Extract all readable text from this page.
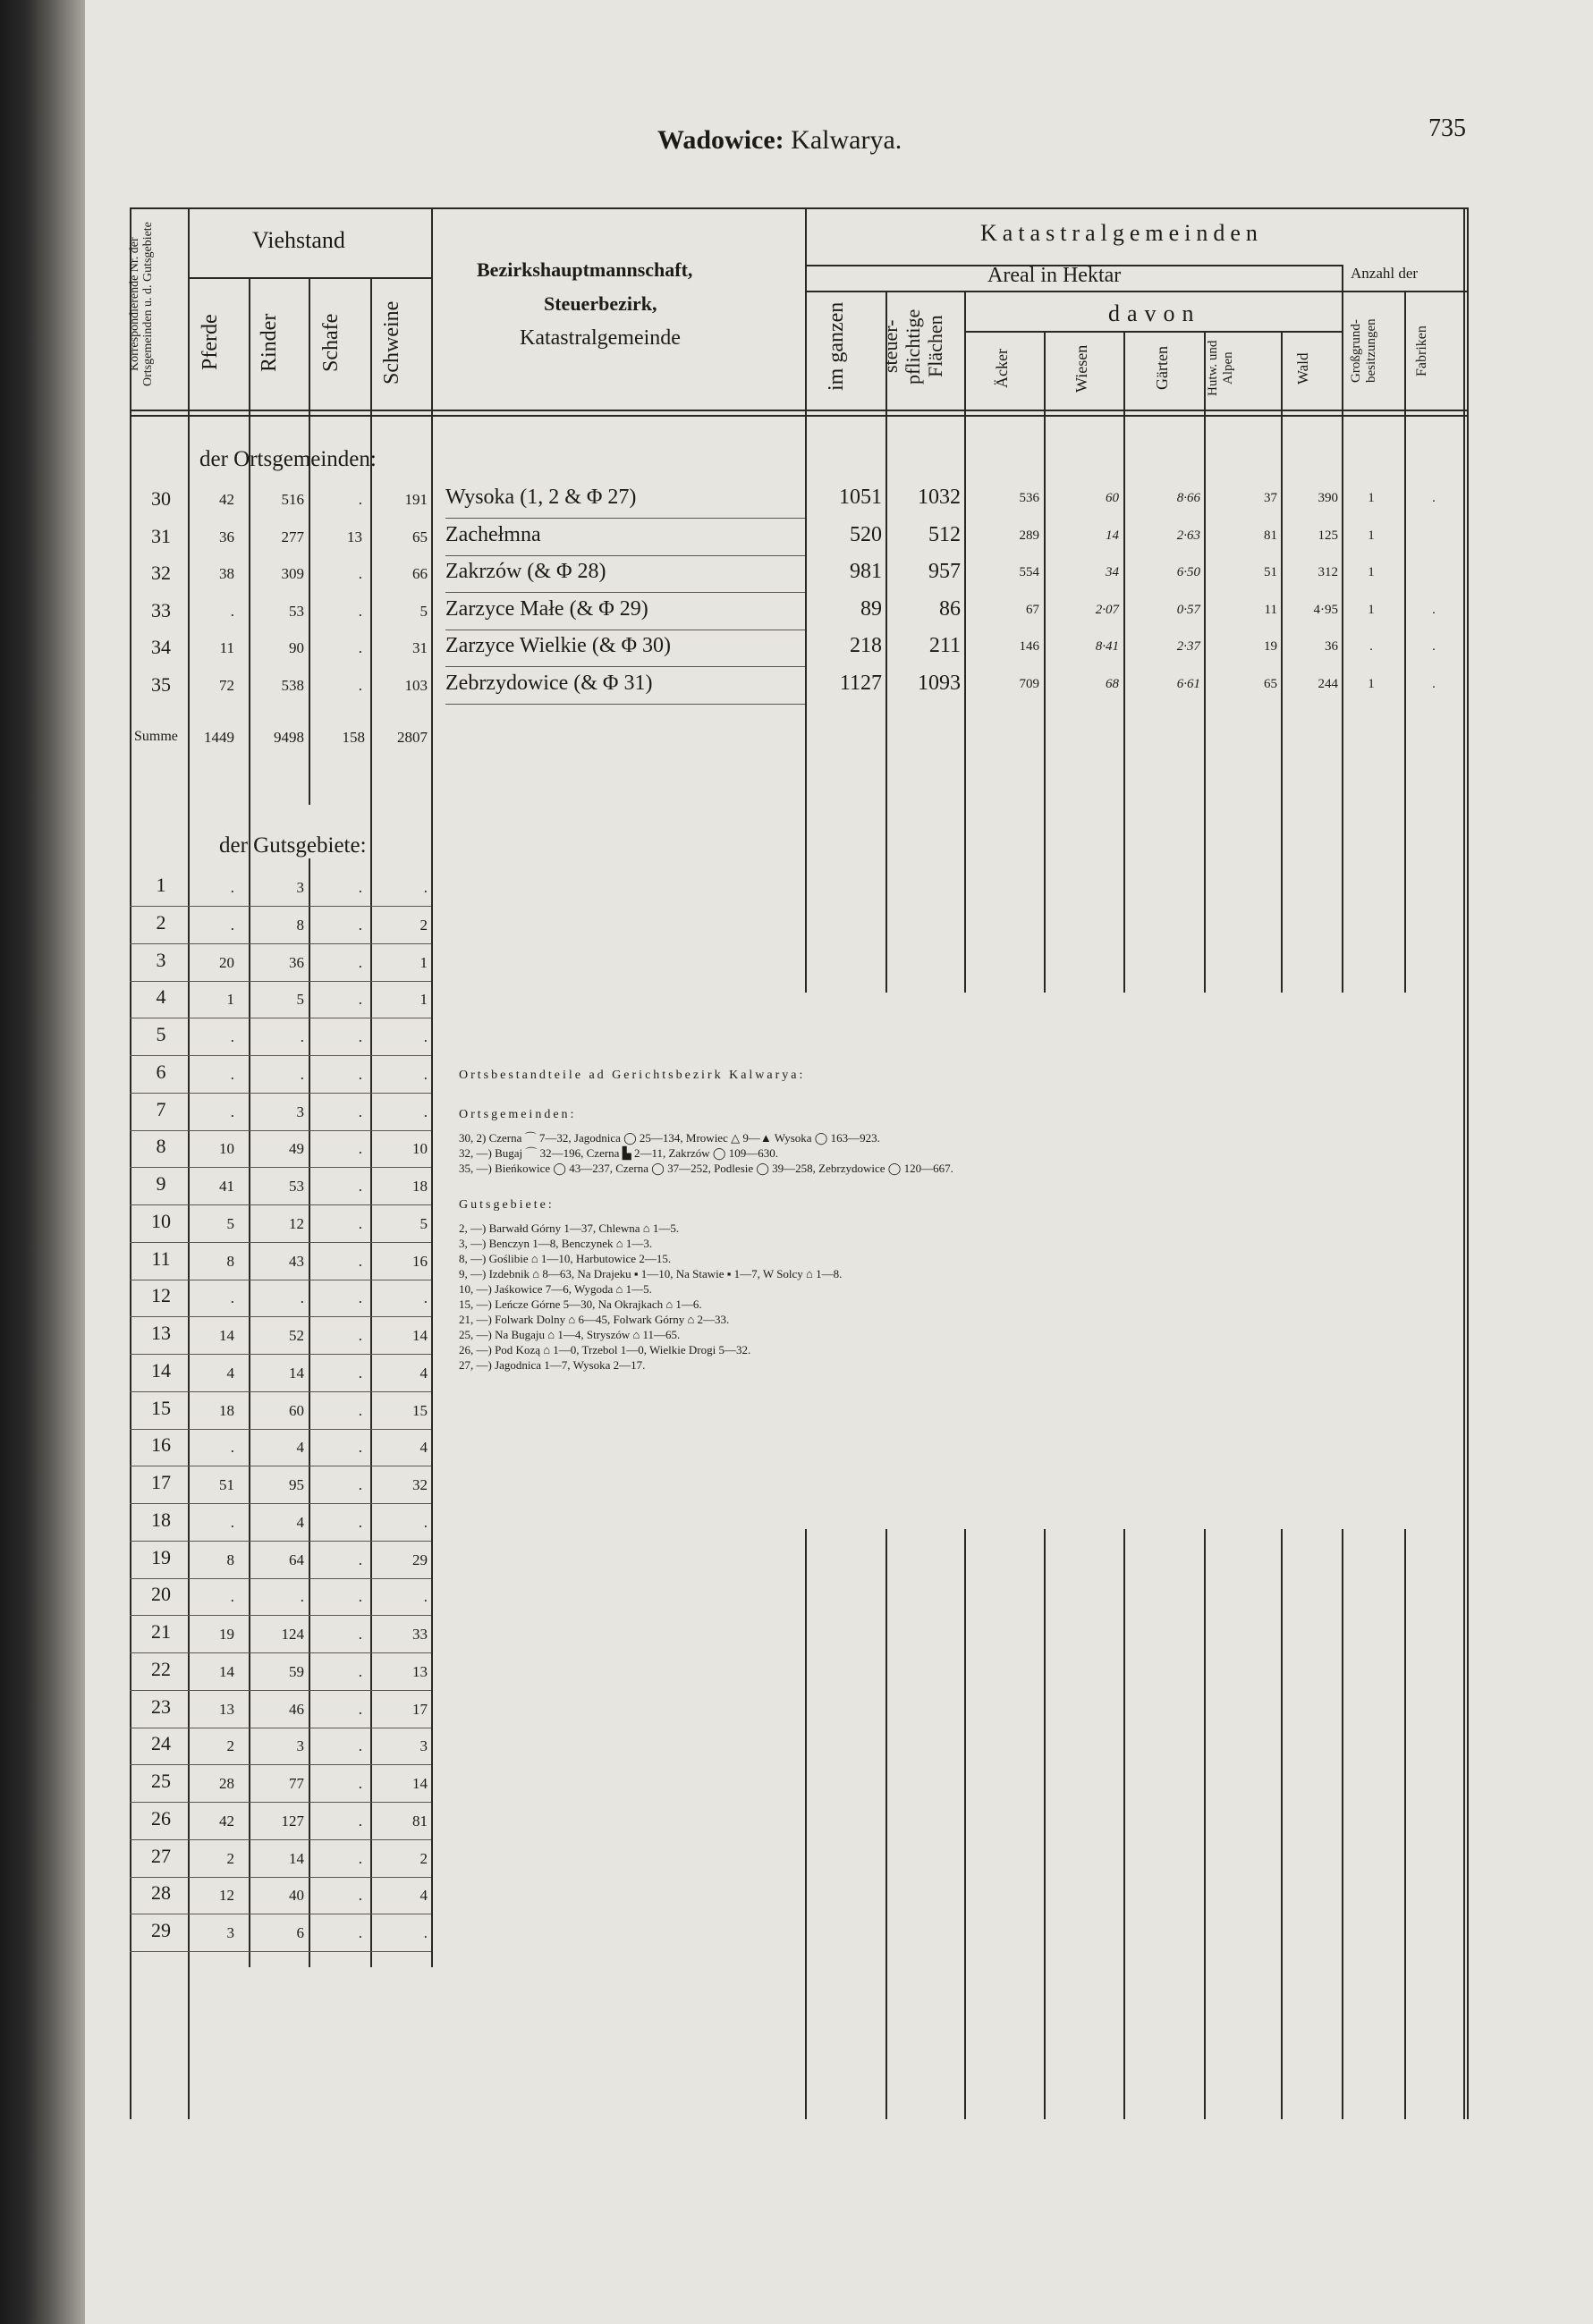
Wadowice: Kalwarya.	735
Korrespondierende Nr. der Ortsgemeinden u. d. Gutsgebiete	Viehstand
Pferde	Rinder	Schafe	Schweine
Bezirkshauptmannschaft,
Steuerbezirk,
Katastralgemeinde
Katastralgemeinden
Areal in Hektar	Anzahl der
davon
im ganzen	steuer- pflichtige Flächen	Äcker	Wiesen	Gärten	Hutw. und Alpen	Wald	Großgrund- besitzungen	Fabriken
der Ortsgemeinden:
der Gutsgebiete:
30	42	516	.	191 Wysoka (1, 2 & Φ 27)	1051	1032	536	60	8·66	37	390	1	.
31	36	277	13	65 Zachełmna	520	512	289	14	2·63	81	125	1
32	38	309	.	66 Zakrzów (& Φ 28)	981	957	554	34	6·50	51	312	1
33	.	53	.	5 Zarzyce Małe (& Φ 29)	89	86	67	2·07	0·57	11	4·95	1	.
34	11	90	.	31 Zarzyce Wielkie (& Φ 30)	218	211	146	8·41	2·37	19	36	.	.
35	72	538	.	103 Zebrzydowice (& Φ 31)	1127	1093	709	68	6·61	65	244	1	.
Summe	1449	9498	158	2807
1	.	3	.	.
2	.	8	.	2
3	20	36	.	1
4	1	5	.	1
5	.	.	.	.
6	.	.	.	.
7	.	3	.	.
8	10	49	.	10
9	41	53	.	18
10	5	12	.	5
11	8	43	.	16
12	.	.	.	.
13	14	52	.	14
14	4	14	.	4
15	18	60	.	15
16	.	4	.	4
17	51	95	.	32
18	.	4	.	.
19	8	64	.	29
20	.	.	.	.
21	19	124	.	33
22	14	59	.	13
23	13	46	.	17
24	2	3	.	3
25	28	77	.	14
26	42	127	.	81
27	2	14	.	2
28	12	40	.	4
29	3	6	.	.
Ortsbestandteile ad Gerichtsbezirk Kalwarya:
Ortsgemeinden:
30, 2) Czerna ⌒ 7—32, Jagodnica ◯ 25—134, Mrowiec △ 9—▲ Wysoka ◯ 163—923.
32, —) Bugaj ⌒ 32—196, Czerna ▙ 2—11, Zakrzów ◯ 109—630.
35, —) Bieńkowice ◯ 43—237, Czerna ◯ 37—252, Podlesie ◯ 39—258, Zebrzydowice ◯ 120—667.
Gutsgebiete:
2, —) Barwałd Górny 1—37, Chlewna ⌂ 1—5.
3, —) Benczyn 1—8, Benczynek ⌂ 1—3.
8, —) Goślibie ⌂ 1—10, Harbutowice 2—15.
9, —) Izdebnik ⌂ 8—63, Na Drajeku ▪ 1—10, Na Stawie ▪ 1—7, W Solcy ⌂ 1—8.
10, —) Jaśkowice 7—6, Wygoda ⌂ 1—5.
15, —) Leńcze Górne 5—30, Na Okrajkach ⌂ 1—6.
21, —) Folwark Dolny ⌂ 6—45, Folwark Górny ⌂ 2—33.
25, —) Na Bugaju ⌂ 1—4, Stryszów ⌂ 11—65.
26, —) Pod Kozą ⌂ 1—0, Trzebol 1—0, Wielkie Drogi 5—32.
27, —) Jagodnica 1—7, Wysoka 2—17.
